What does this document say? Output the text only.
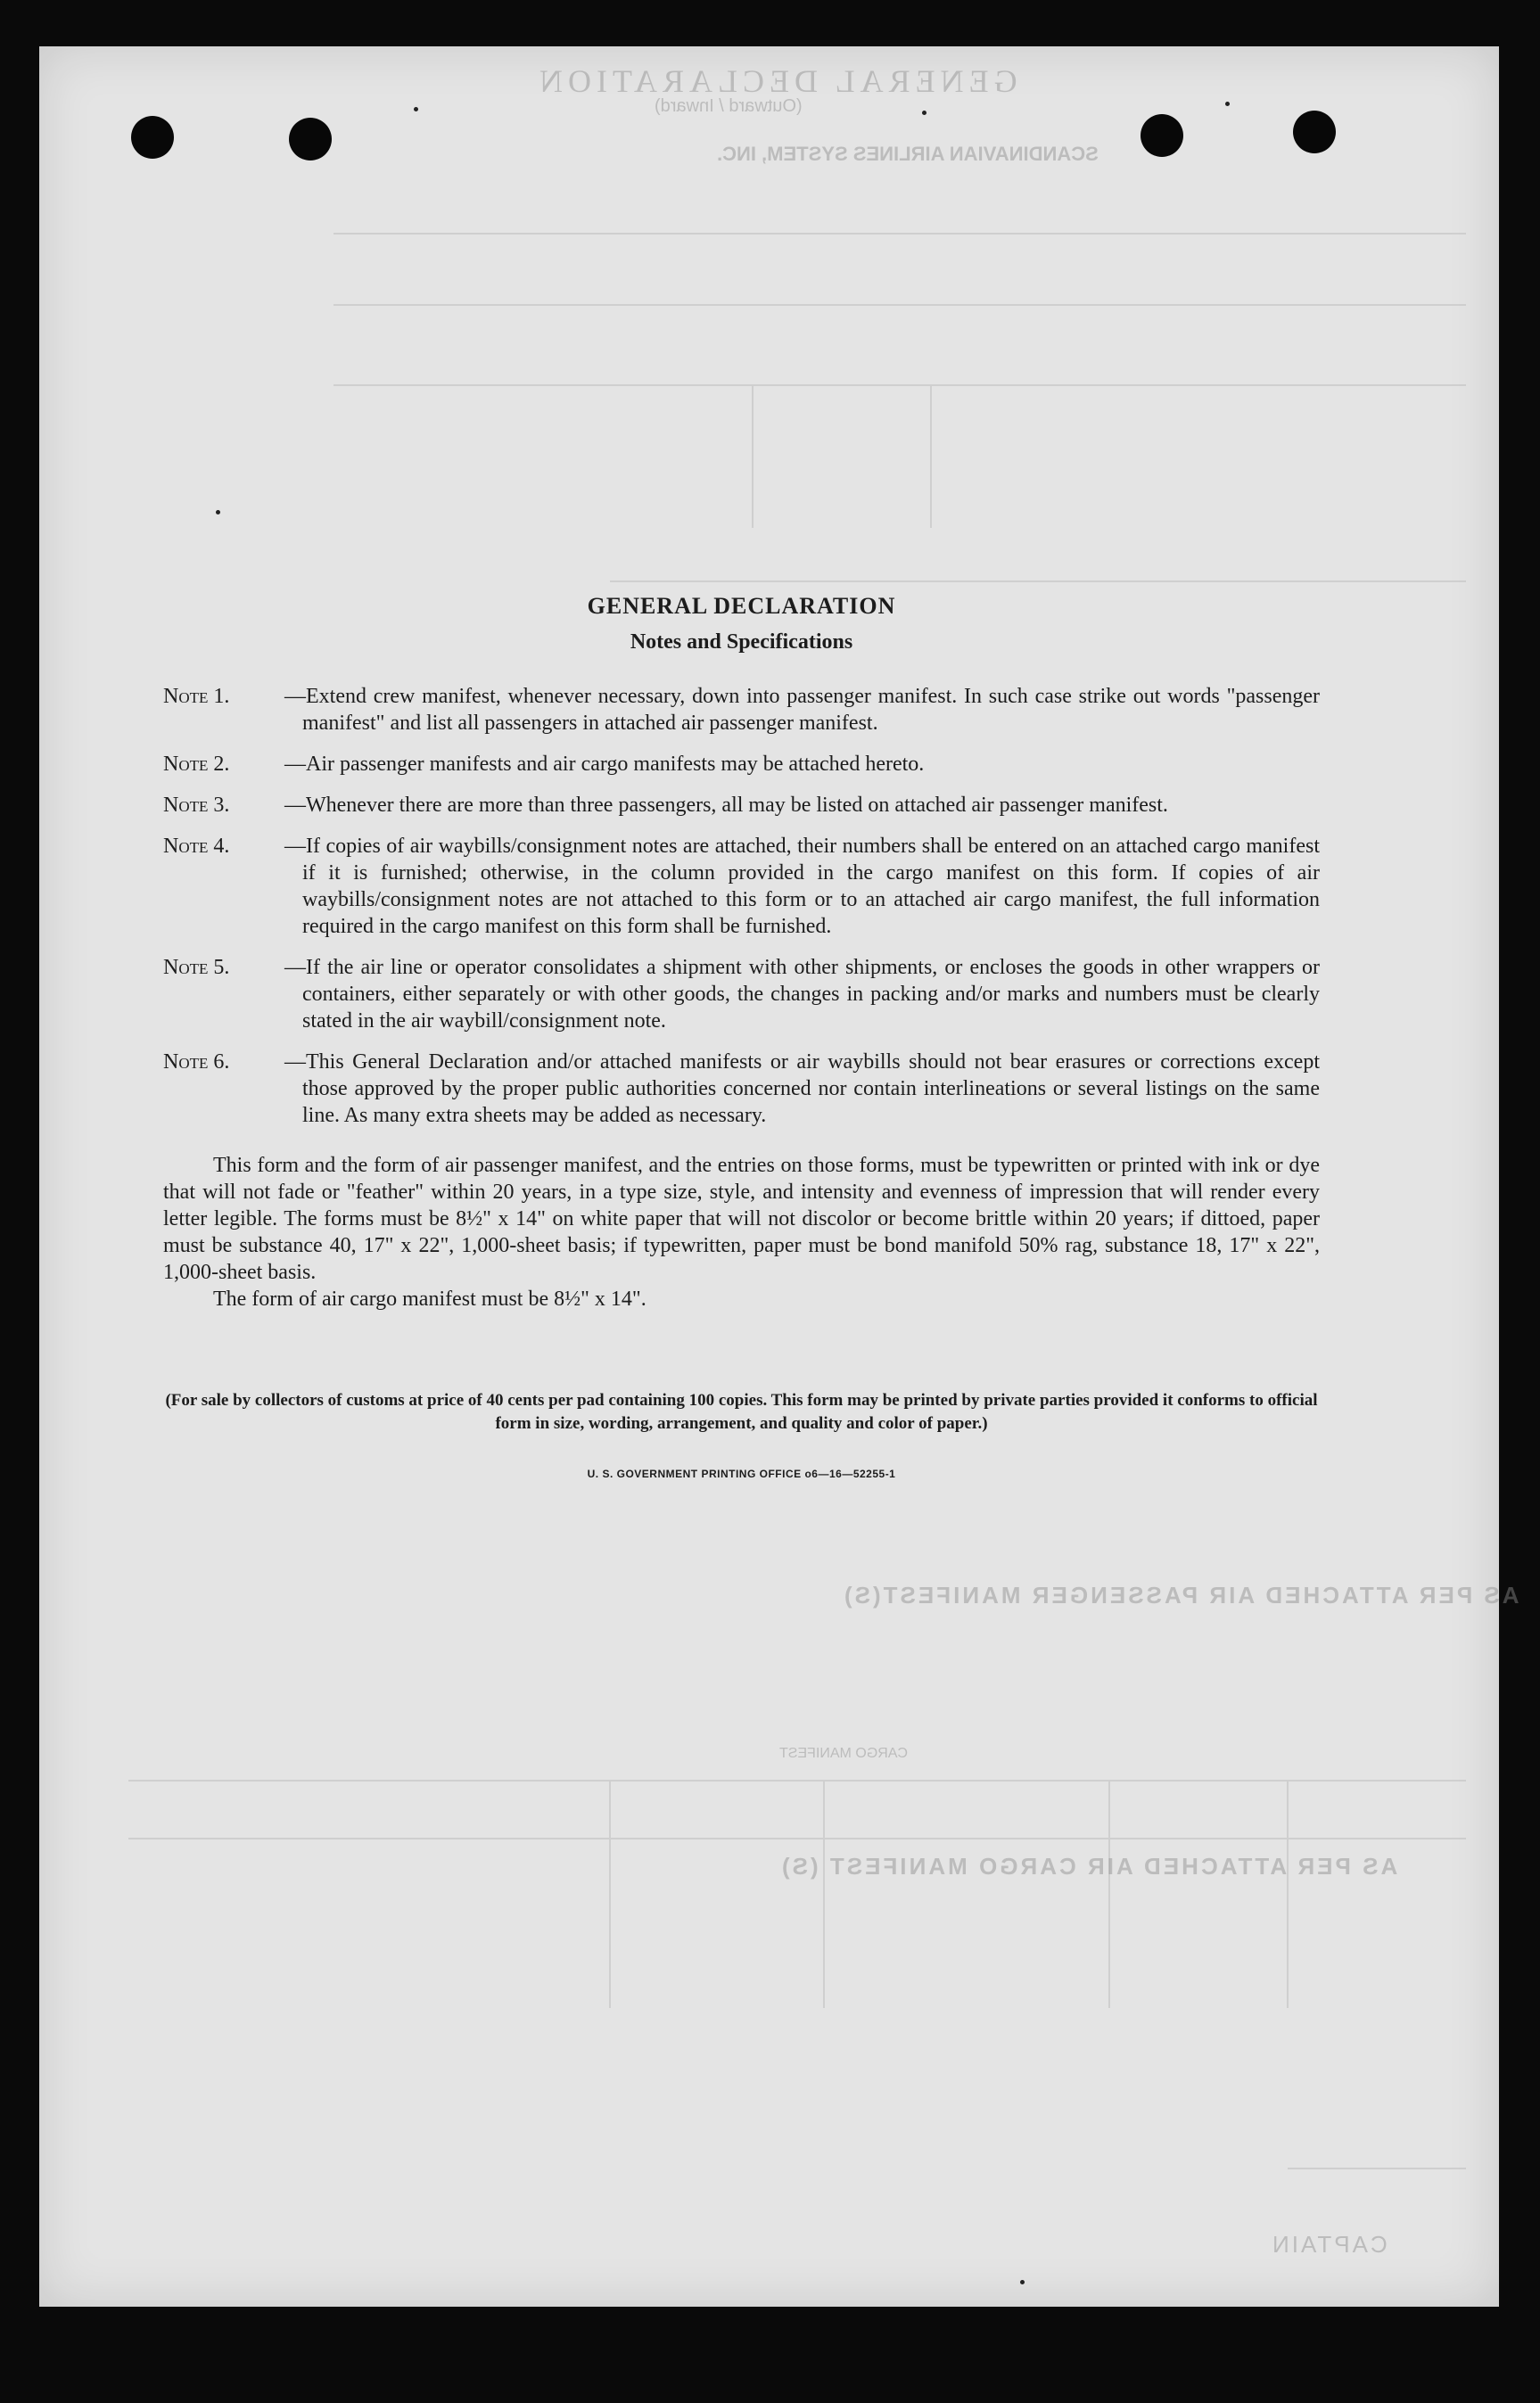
GENERAL DECLARATION
(Outward / Inward)
SCANDINAVIAN AIRLINES SYSTEM, INC.
AS PER ATTACHED AIR PASSENGER MANIFEST(S)
CARGO MANIFEST
AS PER ATTACHED AIR CARGO MANIFEST (S)
CAPTAIN
GENERAL DECLARATION
Notes and Specifications
Note 1.	—Extend crew manifest, whenever necessary, down into passenger manifest. In such case strike out words "passenger manifest" and list all passengers in attached air passenger manifest.
Note 2.	—Air passenger manifests and air cargo manifests may be attached hereto.
Note 3.	—Whenever there are more than three passengers, all may be listed on attached air passenger manifest.
Note 4.	—If copies of air waybills/consignment notes are attached, their numbers shall be entered on an attached cargo manifest if it is furnished; otherwise, in the column provided in the cargo manifest on this form. If copies of air waybills/consignment notes are not attached to this form or to an attached air cargo manifest, the full information required in the cargo manifest on this form shall be furnished.
Note 5.	—If the air line or operator consolidates a shipment with other shipments, or encloses the goods in other wrappers or containers, either separately or with other goods, the changes in packing and/or marks and numbers must be clearly stated in the air waybill/consignment note.
Note 6.	—This General Declaration and/or attached manifests or air waybills should not bear erasures or corrections except those approved by the proper public authorities concerned nor contain interlineations or several listings on the same line. As many extra sheets may be added as necessary.

This form and the form of air passenger manifest, and the entries on those forms, must be typewritten or printed with ink or dye that will not fade or "feather" within 20 years, in a type size, style, and intensity and evenness of impression that will render every letter legible. The forms must be 8½" x 14" on white paper that will not discolor or become brittle within 20 years; if dittoed, paper must be substance 40, 17" x 22", 1,000-sheet basis; if typewritten, paper must be bond manifold 50% rag, substance 18, 17" x 22", 1,000-sheet basis.

The form of air cargo manifest must be 8½" x 14".

(For sale by collectors of customs at price of 40 cents per pad containing 100 copies. This form may be printed by private parties provided it conforms to official form in size, wording, arrangement, and quality and color of paper.)
U. S. GOVERNMENT PRINTING OFFICE o6—16—52255-1
